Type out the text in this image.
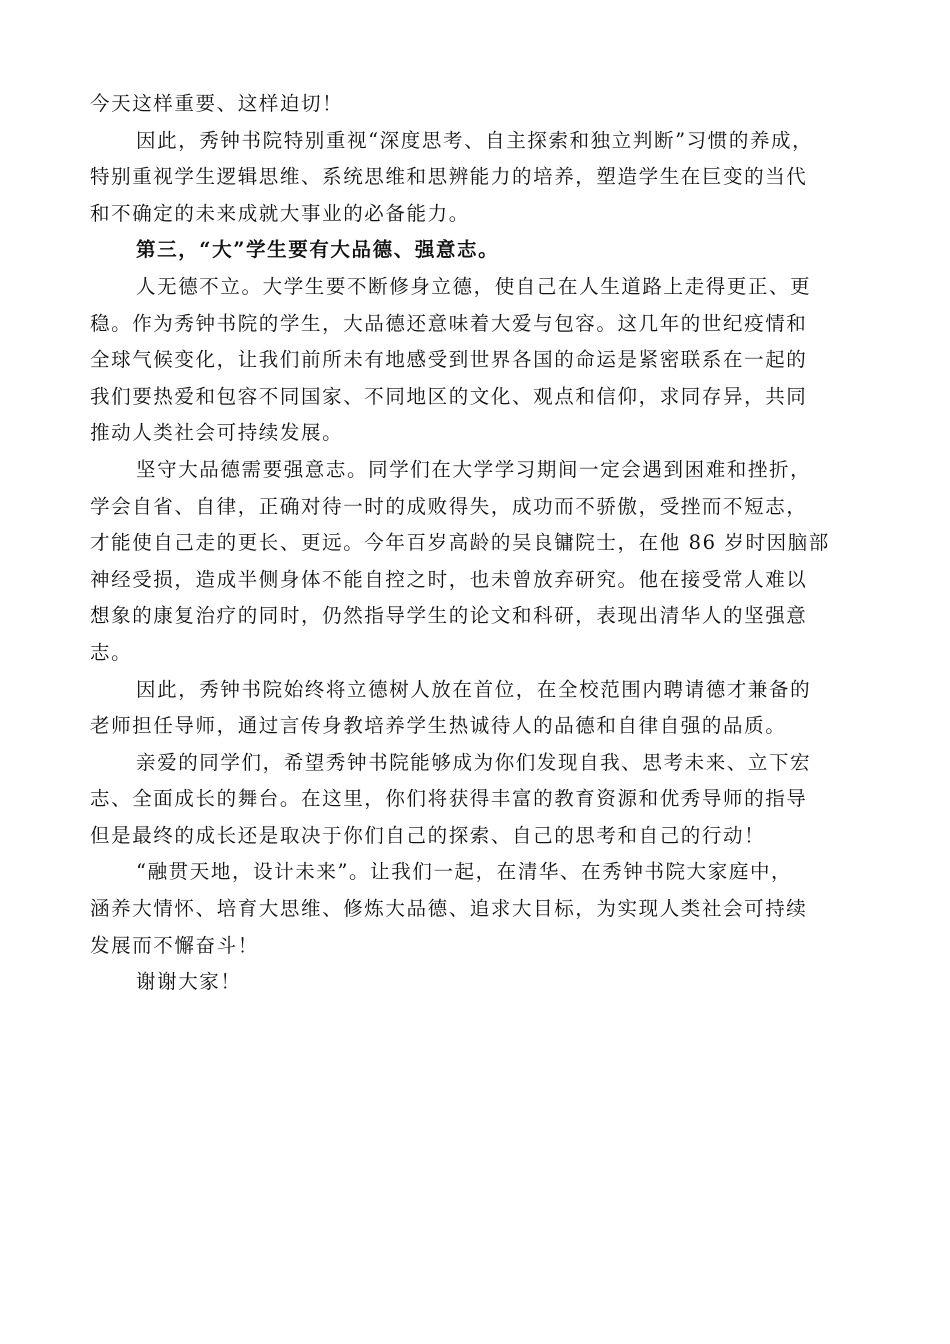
今天这样重要、这样迫切！
因此，秀钟书院特别重视“深度思考、自主探索和独立判断”习惯的养成，
特别重视学生逻辑思维、系统思维和思辨能力的培养，塑造学生在巨变的当代
和不确定的未来成就大事业的必备能力。
第三，“大”学生要有大品德、强意志。
人无德不立。大学生要不断修身立德，使自己在人生道路上走得更正、更
稳。作为秀钟书院的学生，大品德还意味着大爱与包容。这几年的世纪疫情和
全球气候变化，让我们前所未有地感受到世界各国的命运是紧密联系在一起的
我们要热爱和包容不同国家、不同地区的文化、观点和信仰，求同存异，共同
推动人类社会可持续发展。
坚守大品德需要强意志。同学们在大学学习期间一定会遇到困难和挫折，
学会自省、自律，正确对待一时的成败得失，成功而不骄傲，受挫而不短志，
才能使自己走的更长、更远。今年百岁高龄的吴良镛院士，在他 86 岁时因脑部
神经受损，造成半侧身体不能自控之时，也未曾放弃研究。他在接受常人难以
想象的康复治疗的同时，仍然指导学生的论文和科研，表现出清华人的坚强意
志。
因此，秀钟书院始终将立德树人放在首位，在全校范围内聘请德才兼备的
老师担任导师，通过言传身教培养学生热诚待人的品德和自律自强的品质。
亲爱的同学们，希望秀钟书院能够成为你们发现自我、思考未来、立下宏
志、全面成长的舞台。在这里，你们将获得丰富的教育资源和优秀导师的指导
但是最终的成长还是取决于你们自己的探索、自己的思考和自己的行动！
“融贯天地，设计未来”。让我们一起，在清华、在秀钟书院大家庭中，
涵养大情怀、培育大思维、修炼大品德、追求大目标，为实现人类社会可持续
发展而不懈奋斗！
谢谢大家！
